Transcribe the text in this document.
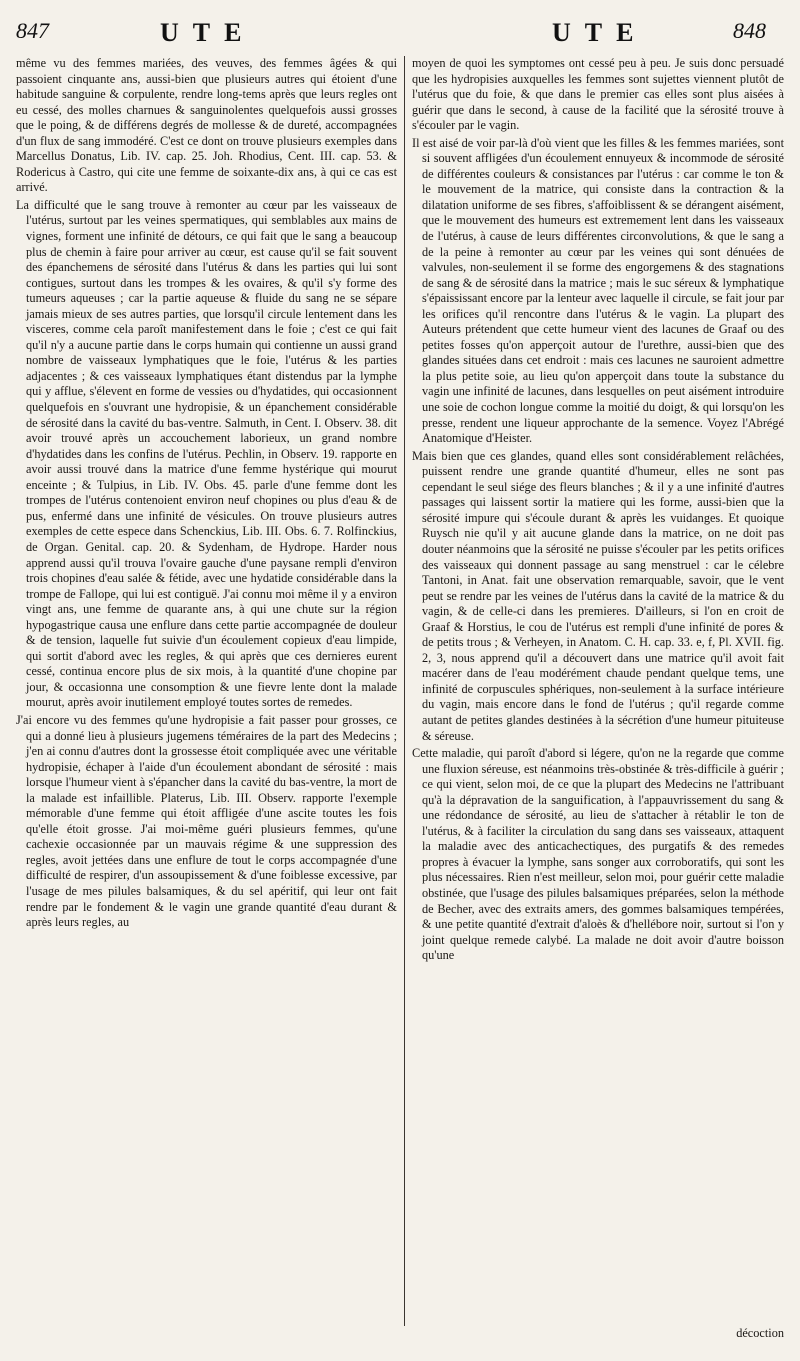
847	UTE	UTE	848

même vu des femmes mariées, des veuves, des femmes âgées & qui passoient cinquante ans, aussi-bien que plusieurs autres qui étoient d'une habitude sanguine & corpulente, rendre long-tems après que leurs regles ont eu cessé, des molles charnues & sanguinolentes quelquefois aussi grosses que le poing, & de différens degrés de mollesse & de dureté, accompagnées d'un flux de sang immodéré. C'est ce dont on trouve plusieurs exemples dans Marcellus Donatus, Lib. IV. cap. 25. Joh. Rhodius, Cent. III. cap. 53. & Rodericus à Castro, qui cite une femme de soixante-dix ans, à qui ce cas est arrivé.

La difficulté que le sang trouve à remonter au cœur par les vaisseaux de l'utérus, surtout par les veines spermatiques, qui semblables aux mains de vignes, forment une infinité de détours, ce qui fait que le sang a beaucoup plus de chemin à faire pour arriver au cœur, est cause qu'il se fait souvent des épanchemens de sérosité dans l'utérus & dans les parties qui lui sont contigues, surtout dans les trompes & les ovaires, & qu'il s'y forme des tumeurs aqueuses ; car la partie aqueuse & fluide du sang ne se sépare jamais mieux de ses autres parties, que lorsqu'il circule lentement dans les visceres, comme cela paroît manifestement dans le foie ; c'est ce qui fait qu'il n'y a aucune partie dans le corps humain qui contienne un aussi grand nombre de vaisseaux lymphatiques que le foie, l'utérus & les parties adjacentes ; & ces vaisseaux lymphatiques étant distendus par la lymphe qui y afflue, s'élevent en forme de vessies ou d'hydatides, qui occasionnent quelquefois en s'ouvrant une hydropisie, & un épanchement considérable de sérosité dans la cavité du bas-ventre. Salmuth, in Cent. I. Observ. 38. dit avoir trouvé après un accouchement laborieux, un grand nombre d'hydatides dans les confins de l'utérus. Pechlin, in Observ. 19. rapporte en avoir aussi trouvé dans la matrice d'une femme hystérique qui mourut enceinte ; & Tulpius, in Lib. IV. Obs. 45. parle d'une femme dont les trompes de l'utérus contenoient environ neuf chopines ou plus d'eau & de pus, enfermé dans une infinité de vésicules. On trouve plusieurs autres exemples de cette espece dans Schenckius, Lib. III. Obs. 6. 7. Rolfinckius, de Organ. Genital. cap. 20. & Sydenham, de Hydrope. Harder nous apprend aussi qu'il trouva l'ovaire gauche d'une paysane rempli d'environ trois chopines d'eau salée & fétide, avec une hydatide considérable dans la trompe de Fallope, qui lui est contiguë. J'ai connu moi même il y a environ vingt ans, une femme de quarante ans, à qui une chute sur la région hypogastrique causa une enflure dans cette partie accompagnée de douleur & de tension, laquelle fut suivie d'un écoulement copieux d'eau limpide, qui sortit d'abord avec les regles, & qui après que ces dernieres eurent cessé, continua encore plus de six mois, à la quantité d'une chopine par jour, & occasionna une consomption & une fievre lente dont la malade mourut, après avoir inutilement employé toutes sortes de remedes.

J'ai encore vu des femmes qu'une hydropisie a fait passer pour grosses, ce qui a donné lieu à plusieurs jugemens téméraires de la part des Medecins ; j'en ai connu d'autres dont la grossesse étoit compliquée avec une véritable hydropisie, échaper à l'aide d'un écoulement abondant de sérosité : mais lorsque l'humeur vient à s'épancher dans la cavité du bas-ventre, la mort de la malade est infaillible. Platerus, Lib. III. Observ. rapporte l'exemple mémorable d'une femme qui étoit affligée d'une ascite toutes les fois qu'elle étoit grosse. J'ai moi-même guéri plusieurs femmes, qu'une cachexie occasionnée par un mauvais régime & une suppression des regles, avoit jettées dans une enflure de tout le corps accompagnée d'une difficulté de respirer, d'un assoupissement & d'une foiblesse excessive, par l'usage de mes pilules balsamiques, & du sel apéritif, qui leur ont fait rendre par le fondement & le vagin une grande quantité d'eau durant & après leurs regles, au

moyen de quoi les symptomes ont cessé peu à peu. Je suis donc persuadé que les hydropisies auxquelles les femmes sont sujettes viennent plutôt de l'utérus que du foie, & que dans le premier cas elles sont plus aisées à guérir que dans le second, à cause de la facilité que la sérosité trouve à s'écouler par le vagin.

Il est aisé de voir par-là d'où vient que les filles & les femmes mariées, sont si souvent affligées d'un écoulement ennuyeux & incommode de sérosité de différentes couleurs & consistances par l'utérus : car comme le ton & le mouvement de la matrice, qui consiste dans la contraction & la dilatation uniforme de ses fibres, s'affoiblissent & se dérangent aisément, que le mouvement des humeurs est extremement lent dans les vaisseaux de l'utérus, à cause de leurs différentes circonvolutions, & que le sang a de la peine à remonter au cœur par les veines qui sont dénuées de valvules, non-seulement il se forme des engorgemens & des stagnations de sang & de sérosité dans la matrice ; mais le suc séreux & lymphatique s'épaississant encore par la lenteur avec laquelle il circule, se fait jour par les orifices qu'il rencontre dans l'utérus & le vagin. La plupart des Auteurs prétendent que cette humeur vient des lacunes de Graaf ou des petites fosses qu'on apperçoit autour de l'urethre, aussi-bien que des glandes situées dans cet endroit : mais ces lacunes ne sauroient admettre la plus petite soie, au lieu qu'on apperçoit dans toute la substance du vagin une infinité de lacunes, dans lesquelles on peut aisément introduire une soie de cochon longue comme la moitié du doigt, & qui lorsqu'on les presse, rendent une liqueur approchante de la semence. Voyez l'Abrégé Anatomique d'Heister.

Mais bien que ces glandes, quand elles sont considérablement relâchées, puissent rendre une grande quantité d'humeur, elles ne sont pas cependant le seul siége des fleurs blanches ; & il y a une infinité d'autres passages qui laissent sortir la matiere qui les forme, aussi-bien que la sérosité impure qui s'écoule durant & après les vuidanges. Et quoique Ruysch nie qu'il y ait aucune glande dans la matrice, on ne doit pas douter néanmoins que la sérosité ne puisse s'écouler par les petits orifices des vaisseaux qui donnent passage au sang menstruel : car le célebre Tantoni, in Anat. fait une observation remarquable, savoir, que le vent peut se rendre par les veines de l'utérus dans la cavité de la matrice & du vagin, & de celle-ci dans les premieres. D'ailleurs, si l'on en croit de Graaf & Horstius, le cou de l'utérus est rempli d'une infinité de pores & de petits trous ; & Verheyen, in Anatom. C. H. cap. 33. e, f, Pl. XVII. fig. 2, 3, nous apprend qu'il a découvert dans une matrice qu'il avoit fait macérer dans de l'eau modérément chaude pendant quelque tems, une infinité de corpuscules sphériques, non-seulement à la surface intérieure du vagin, mais encore dans le fond de l'utérus ; qu'il regarde comme autant de petites glandes destinées à la sécrétion d'une humeur pituiteuse & séreuse.

Cette maladie, qui paroît d'abord si légere, qu'on ne la regarde que comme une fluxion séreuse, est néanmoins très-obstinée & très-difficile à guérir ; ce qui vient, selon moi, de ce que la plupart des Medecins ne l'attribuant qu'à la dépravation de la sanguification, à l'appauvrissement du sang & une rédondance de sérosité, au lieu de s'attacher à rétablir le ton de l'utérus, & à faciliter la circulation du sang dans ses vaisseaux, attaquent la maladie avec des anticachectiques, des purgatifs & des remedes propres à évacuer la lymphe, sans songer aux corroboratifs, qui sont les plus nécessaires. Rien n'est meilleur, selon moi, pour guérir cette maladie obstinée, que l'usage des pilules balsamiques préparées, selon la méthode de Becher, avec des extraits amers, des gommes balsamiques tempérées, & une petite quantité d'extrait d'aloès & d'hellébore noir, surtout si l'on y joint quelque remede calybé. La malade ne doit avoir d'autre boisson qu'une

décoction
